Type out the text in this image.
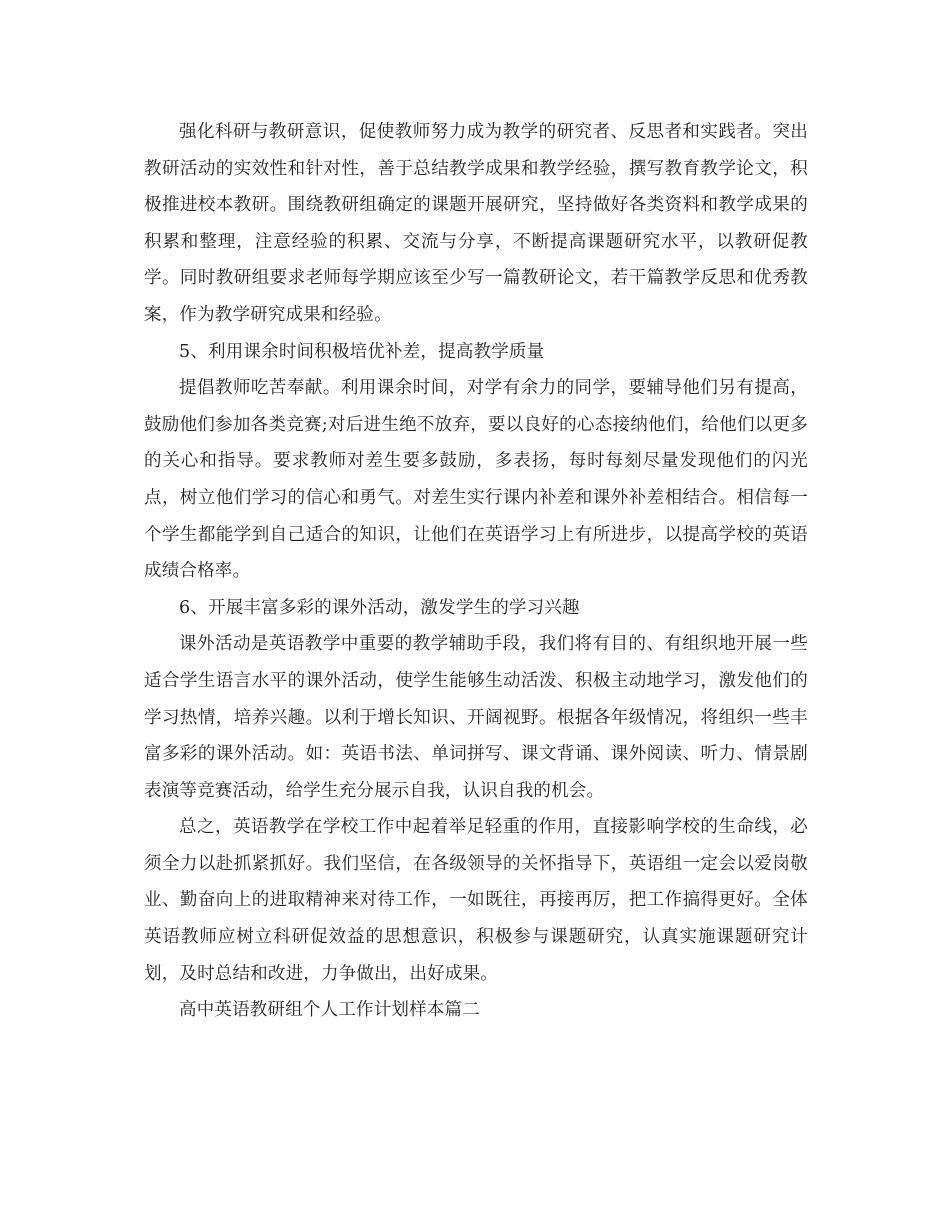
强化科研与教研意识，促使教师努力成为教学的研究者、反思者和实践者。突出教研活动的实效性和针对性，善于总结教学成果和教学经验，撰写教育教学论文，积极推进校本教研。围绕教研组确定的课题开展研究，坚持做好各类资料和教学成果的积累和整理，注意经验的积累、交流与分享，不断提高课题研究水平，以教研促教学。同时教研组要求老师每学期应该至少写一篇教研论文，若干篇教学反思和优秀教案，作为教学研究成果和经验。

5、利用课余时间积极培优补差，提高教学质量

提倡教师吃苦奉献。利用课余时间，对学有余力的同学，要辅导他们另有提高，鼓励他们参加各类竞赛;对后进生绝不放弃，要以良好的心态接纳他们，给他们以更多的关心和指导。要求教师对差生要多鼓励，多表扬，每时每刻尽量发现他们的闪光点，树立他们学习的信心和勇气。对差生实行课内补差和课外补差相结合。相信每一个学生都能学到自己适合的知识，让他们在英语学习上有所进步，以提高学校的英语成绩合格率。

6、开展丰富多彩的课外活动，激发学生的学习兴趣

课外活动是英语教学中重要的教学辅助手段，我们将有目的、有组织地开展一些适合学生语言水平的课外活动，使学生能够生动活泼、积极主动地学习，激发他们的学习热情，培养兴趣。以利于增长知识、开阔视野。根据各年级情况，将组织一些丰富多彩的课外活动。如：英语书法、单词拼写、课文背诵、课外阅读、听力、情景剧表演等竞赛活动，给学生充分展示自我，认识自我的机会。

总之，英语教学在学校工作中起着举足轻重的作用，直接影响学校的生命线，必须全力以赴抓紧抓好。我们坚信，在各级领导的关怀指导下，英语组一定会以爱岗敬业、勤奋向上的进取精神来对待工作，一如既往，再接再厉，把工作搞得更好。全体英语教师应树立科研促效益的思想意识，积极参与课题研究，认真实施课题研究计划，及时总结和改进，力争做出，出好成果。

高中英语教研组个人工作计划样本篇二
